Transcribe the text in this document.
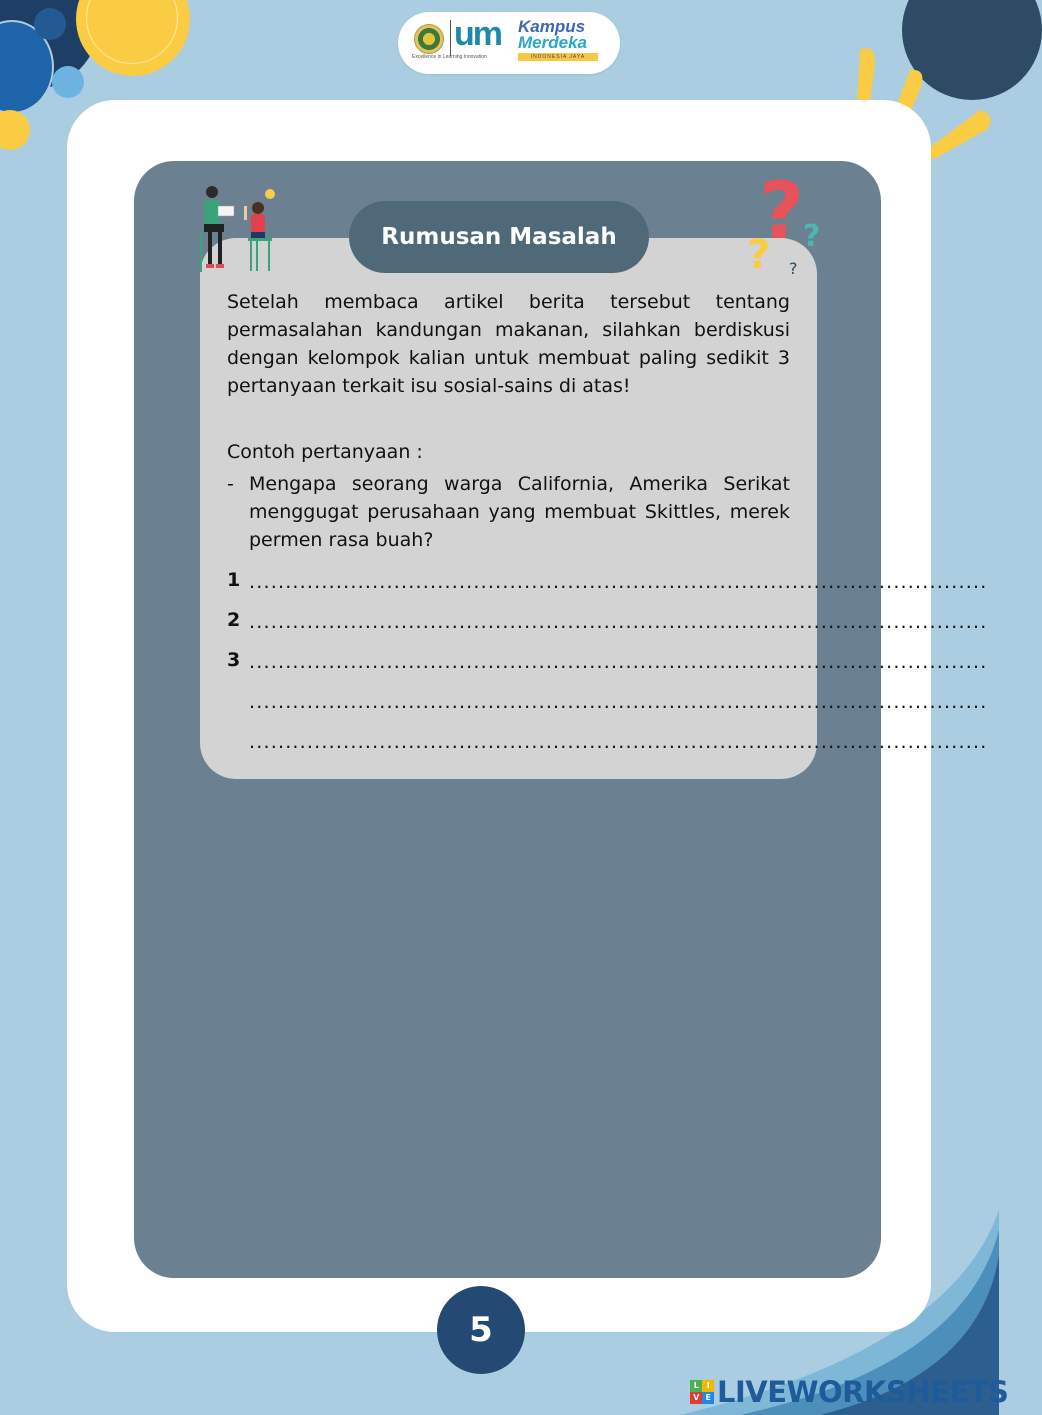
um Kampus
Merdeka
INDONESIA JAYA
Excellence in Learning Innovation
?
?
? ?
Rumusan Masalah
Setelah membaca artikel berita tersebut tentang permasalahan kandungan makanan, silahkan berdiskusi dengan kelompok kalian untuk membuat paling sedikit 3 pertanyaan terkait isu sosial-sains di atas!
Contoh pertanyaan :
- Mengapa seorang warga California, Amerika Serikat menggugat perusahaan yang membuat Skittles, merek permen rasa buah?
1 ......................................................................................................
2 ......................................................................................................
3 ......................................................................................................
......................................................................................................
......................................................................................................
5
L	I
V E LIVEWORKSHEETS
